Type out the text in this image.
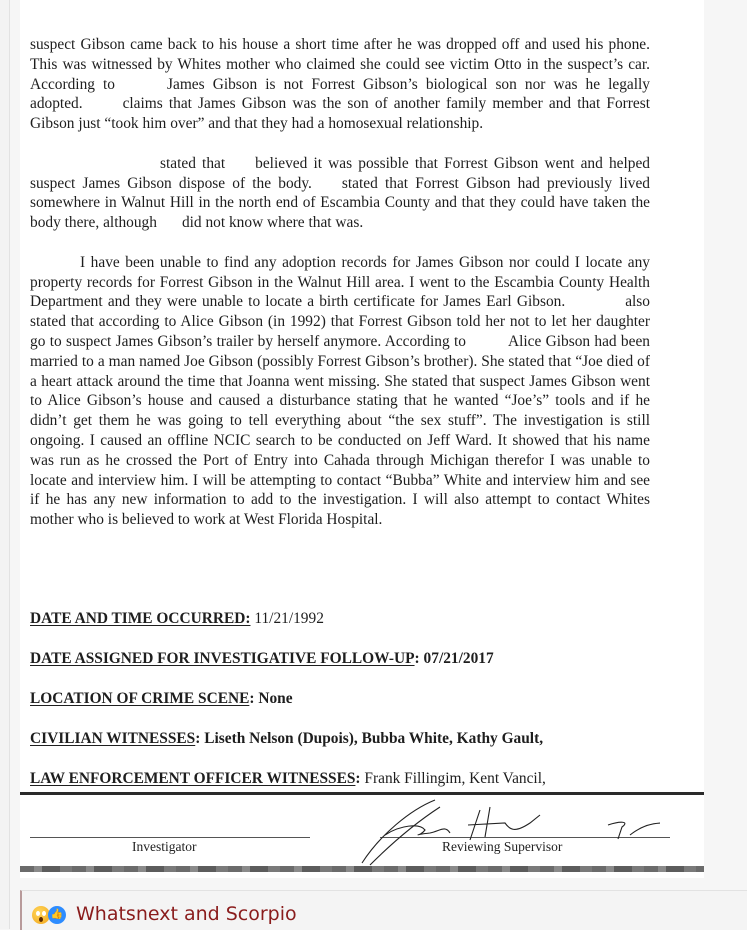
suspect Gibson came back to his house a short time after he was dropped off and used his phone. This was witnessed by Whites mother who claimed she could see victim Otto in the suspect’s car. According to	James Gibson is not Forrest Gibson’s biological son nor was he legally adopted.	claims that James Gibson was the son of another family member and that Forrest Gibson just “took him over” and that they had a homosexual relationship.

stated that believed it was possible that Forrest Gibson went and helped suspect James Gibson dispose of the body. stated that Forrest Gibson had previously lived somewhere in Walnut Hill in the north end of Escambia County and that they could have taken the body there, although did not know where that was.

I have been unable to find any adoption records for James Gibson nor could I locate any property records for Forrest Gibson in the Walnut Hill area. I went to the Escambia County Health Department and they were unable to locate a birth certificate for James Earl Gibson.	also stated that according to Alice Gibson (in 1992) that Forrest Gibson told her not to let her daughter go to suspect James Gibson’s trailer by herself anymore. According to	Alice Gibson had been married to a man named Joe Gibson (possibly Forrest Gibson’s brother). She stated that “Joe died of a heart attack around the time that Joanna went missing. She stated that suspect James Gibson went to Alice Gibson’s house and caused a disturbance stating that he wanted “Joe’s” tools and if he didn’t get them he was going to tell everything about “the sex stuff”. The investigation is still ongoing. I caused an offline NCIC search to be conducted on Jeff Ward. It showed that his name was run as he crossed the Port of Entry into Cahada through Michigan therefor I was unable to locate and interview him. I will be attempting to contact “Bubba” White and interview him and see if he has any new information to add to the investigation. I will also attempt to contact Whites mother who is believed to work at West Florida Hospital.

DATE AND TIME OCCURRED: 11/21/1992
DATE ASSIGNED FOR INVESTIGATIVE FOLLOW-UP: 07/21/2017
LOCATION OF CRIME SCENE: None
CIVILIAN WITNESSES: Liseth Nelson (Dupois), Bubba White, Kathy Gault,
LAW ENFORCEMENT OFFICER WITNESSES: Frank Fillingim, Kent Vancil,
Investigator	Reviewing Supervisor
👍 Whatsnext and Scorpio
